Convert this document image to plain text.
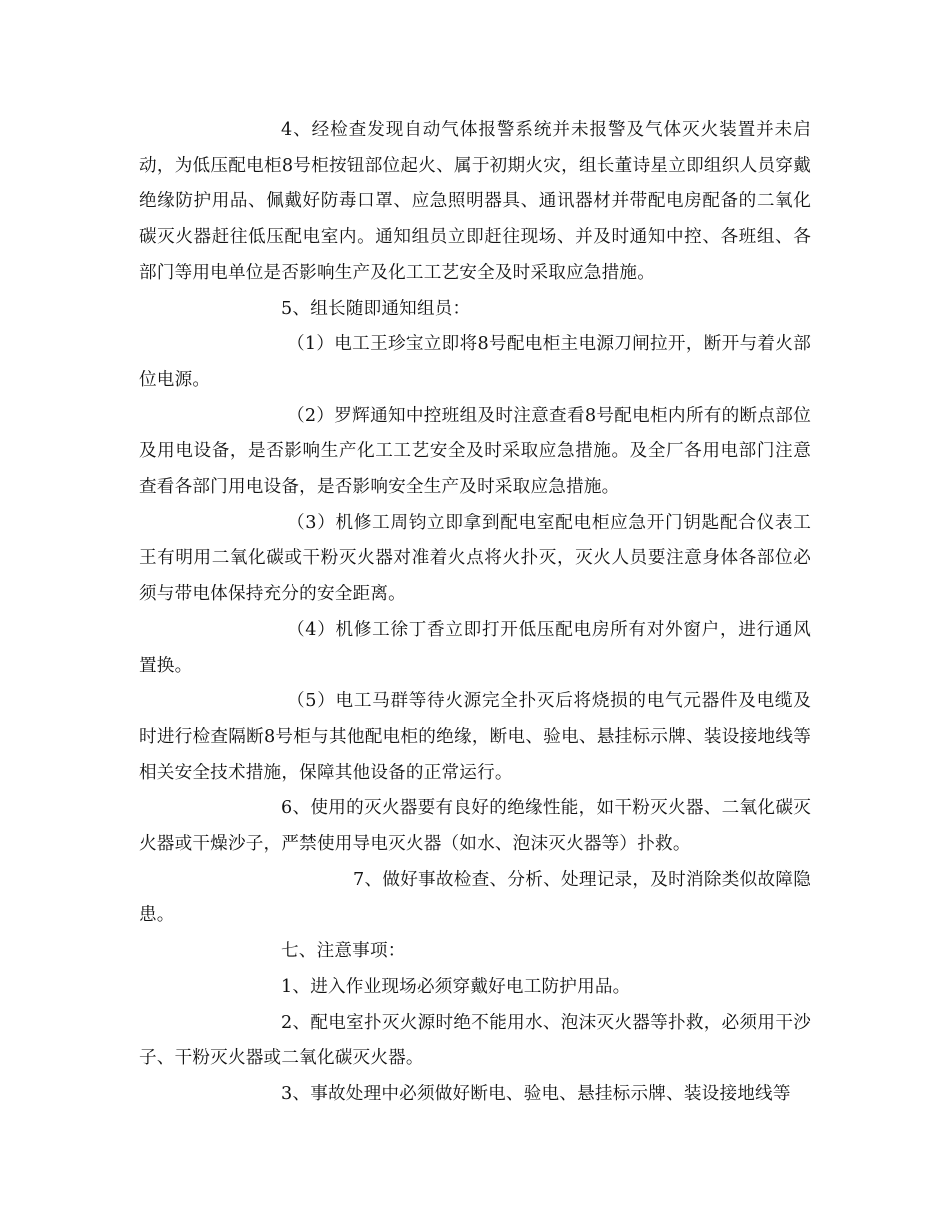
4、经检查发现自动气体报警系统并未报警及气体灭火装置并未启动，为低压配电柜8号柜按钮部位起火、属于初期火灾，组长董诗星立即组织人员穿戴绝缘防护用品、佩戴好防毒口罩、应急照明器具、通讯器材并带配电房配备的二氧化碳灭火器赶往低压配电室内。通知组员立即赶往现场、并及时通知中控、各班组、各部门等用电单位是否影响生产及化工工艺安全及时采取应急措施。

5、组长随即通知组员：

（1）电工王珍宝立即将8号配电柜主电源刀闸拉开，断开与着火部位电源。

（2）罗辉通知中控班组及时注意查看8号配电柜内所有的断点部位及用电设备，是否影响生产化工工艺安全及时采取应急措施。及全厂各用电部门注意查看各部门用电设备，是否影响安全生产及时采取应急措施。

（3）机修工周钧立即拿到配电室配电柜应急开门钥匙配合仪表工王有明用二氧化碳或干粉灭火器对准着火点将火扑灭，灭火人员要注意身体各部位必须与带电体保持充分的安全距离。

（4）机修工徐丁香立即打开低压配电房所有对外窗户，进行通风置换。

（5）电工马群等待火源完全扑灭后将烧损的电气元器件及电缆及时进行检查隔断8号柜与其他配电柜的绝缘，断电、验电、悬挂标示牌、装设接地线等相关安全技术措施，保障其他设备的正常运行。

6、使用的灭火器要有良好的绝缘性能，如干粉灭火器、二氧化碳灭火器或干燥沙子，严禁使用导电灭火器（如水、泡沫灭火器等）扑救。

7、做好事故检查、分析、处理记录，及时消除类似故障隐患。

七、注意事项：

1、进入作业现场必须穿戴好电工防护用品。

2、配电室扑灭火源时绝不能用水、泡沫灭火器等扑救，必须用干沙子、干粉灭火器或二氧化碳灭火器。

3、事故处理中必须做好断电、验电、悬挂标示牌、装设接地线等
